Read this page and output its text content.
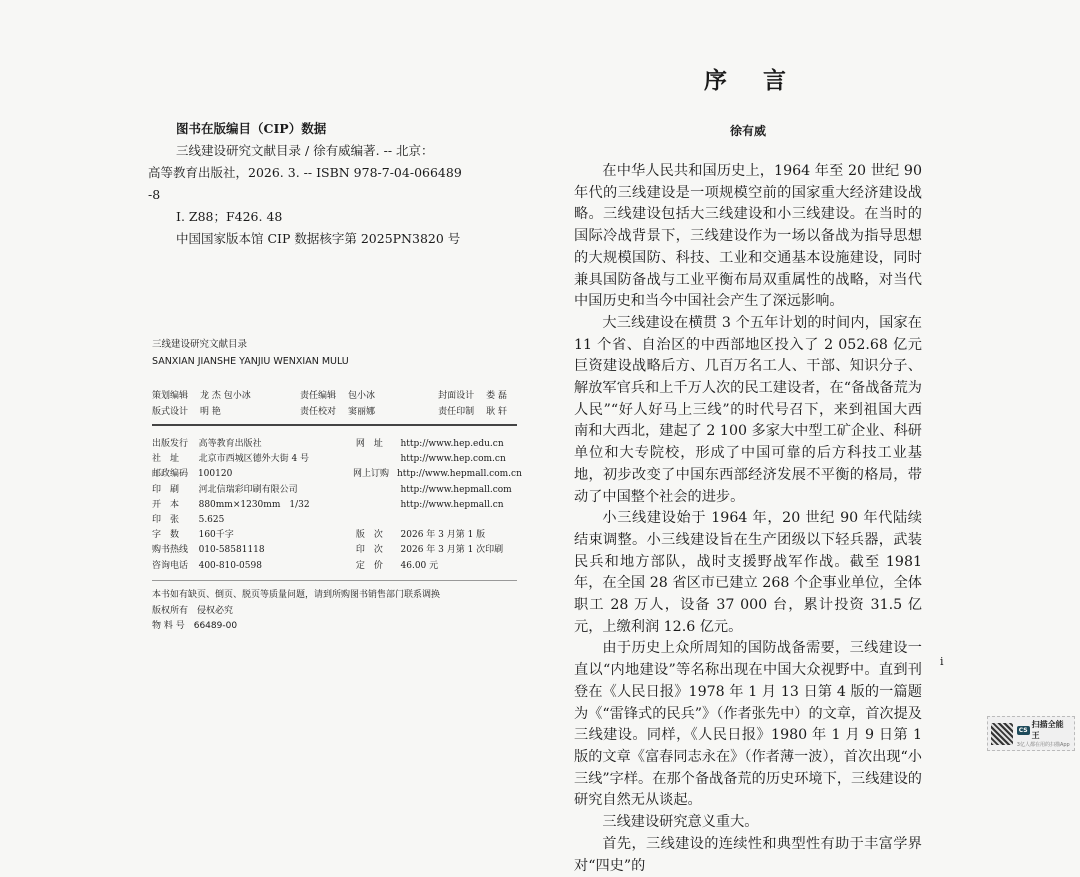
图书在版编目（CIP）数据
三线建设研究文献目录 / 徐有威编著. -- 北京：
高等教育出版社，2026. 3. -- ISBN 978-7-04-066489
-8
I. Z88；F426. 48
中国国家版本馆 CIP 数据核字第 2025PN3820 号
三线建设研究文献目录
SANXIAN JIANSHE YANJIU WENXIAN MULU
策划编辑	龙 杰 包小冰	责任编辑	包小冰	封面设计	娄 磊
版式设计	明 艳	责任校对	窦丽娜	责任印制	耿 轩
出版发行	高等教育出版社	网　址	http://www.hep.edu.cn
社　址	北京市西城区德外大街 4 号	http://www.hep.com.cn
邮政编码	100120	网上订购 http://www.hepmall.com.cn
印　刷	河北信瑞彩印刷有限公司	http://www.hepmall.com
开　本	880mm×1230mm　1/32	http://www.hepmall.cn
印　张	5.625
字　数	160千字	版　次	2026 年 3 月第 1 版
购书热线	010-58581118	印　次	2026 年 3 月第 1 次印刷
咨询电话	400-810-0598	定　价	46.00 元
本书如有缺页、倒页、脱页等质量问题，请到所购图书销售部门联系调换
版权所有　侵权必究
物 料 号　66489-00
序言
徐有威

在中华人民共和国历史上，1964 年至 20 世纪 90 年代的三线建设是一项规模空前的国家重大经济建设战略。三线建设包括大三线建设和小三线建设。在当时的国际冷战背景下，三线建设作为一场以备战为指导思想的大规模国防、科技、工业和交通基本设施建设，同时兼具国防备战与工业平衡布局双重属性的战略，对当代中国历史和当今中国社会产生了深远影响。

大三线建设在横贯 3 个五年计划的时间内，国家在 11 个省、自治区的中西部地区投入了 2 052.68 亿元巨资建设战略后方、几百万名工人、干部、知识分子、解放军官兵和上千万人次的民工建设者，在“备战备荒为人民”“好人好马上三线”的时代号召下，来到祖国大西南和大西北，建起了 2 100 多家大中型工矿企业、科研单位和大专院校，形成了中国可靠的后方科技工业基地，初步改变了中国东西部经济发展不平衡的格局，带动了中国整个社会的进步。

小三线建设始于 1964 年，20 世纪 90 年代陆续结束调整。小三线建设旨在生产团级以下轻兵器，武装民兵和地方部队，战时支援野战军作战。截至 1981 年，在全国 28 省区市已建立 268 个企事业单位，全体职工 28 万人，设备 37 000 台，累计投资 31.5 亿元，上缴利润 12.6 亿元。

由于历史上众所周知的国防战备需要，三线建设一直以“内地建设”等名称出现在中国大众视野中。直到刊登在《人民日报》1978 年 1 月 13 日第 4 版的一篇题为《“雷锋式的民兵”》（作者张先中）的文章，首次提及三线建设。同样，《人民日报》1980 年 1 月 9 日第 1 版的文章《富春同志永在》（作者薄一波），首次出现“小三线”字样。在那个备战备荒的历史环境下，三线建设的研究自然无从谈起。

三线建设研究意义重大。

首先，三线建设的连续性和典型性有助于丰富学界对“四史”的

i
CS
扫描全能王
3亿人都在用的扫描App
